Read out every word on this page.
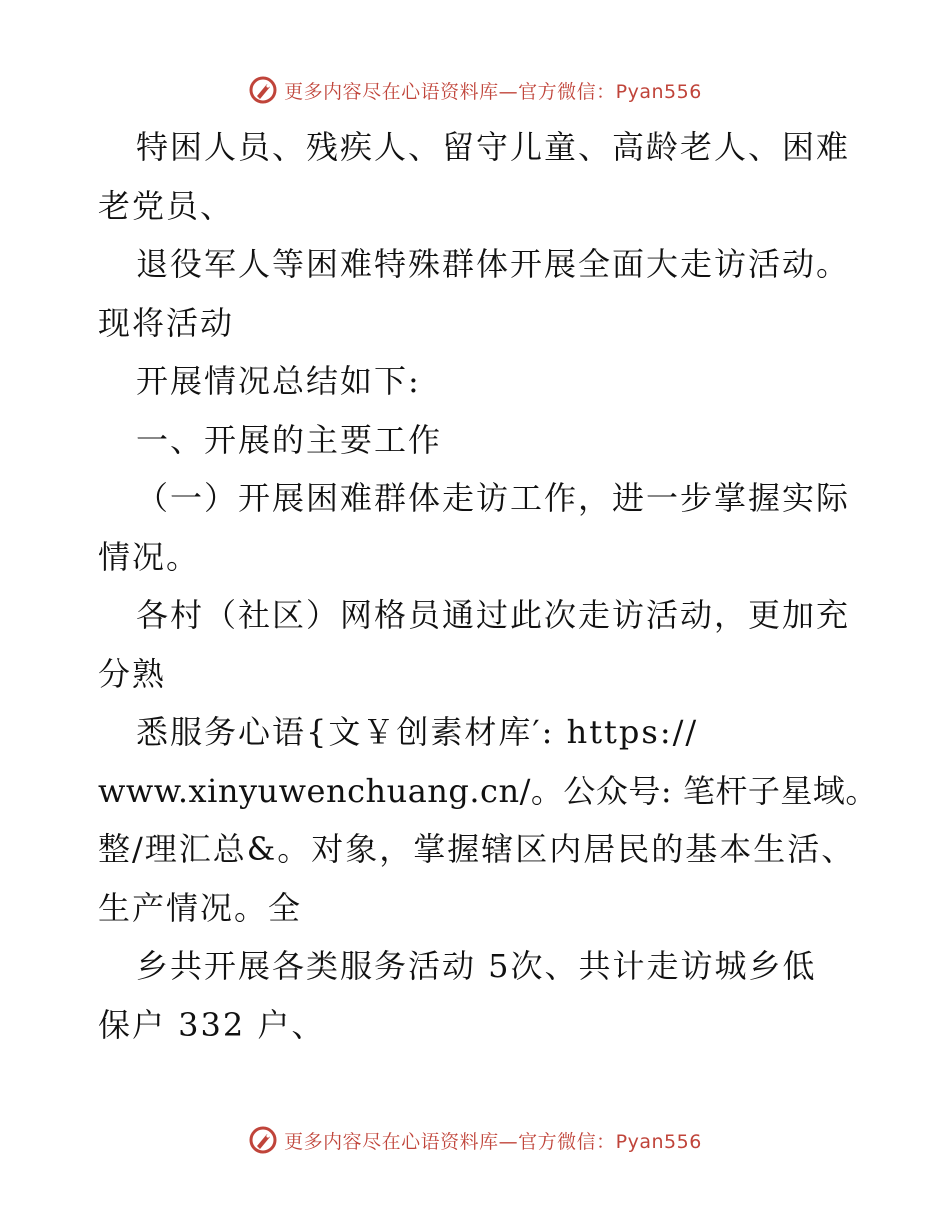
更多内容尽在心语资料库—官方微信：Pyan556
特困人员、残疾人、留守儿童、高龄老人、困难
老党员、
退役军人等困难特殊群体开展全面大走访活动。
现将活动
开展情况总结如下:
一、开展的主要工作
（一）开展困难群体走访工作，进一步掌握实际
情况。
各村（社区）网格员通过此次走访活动，更加充
分熟
悉服务心语{文￥创素材库′: https://
www.xinyuwenchuang.cn/。公众号: 笔杆子星域。
整/理汇总&。对象，掌握辖区内居民的基本生活、
生产情况。全
乡共开展各类服务活动 5次、共计走访城乡低
保户 332 户、
更多内容尽在心语资料库—官方微信：Pyan556
